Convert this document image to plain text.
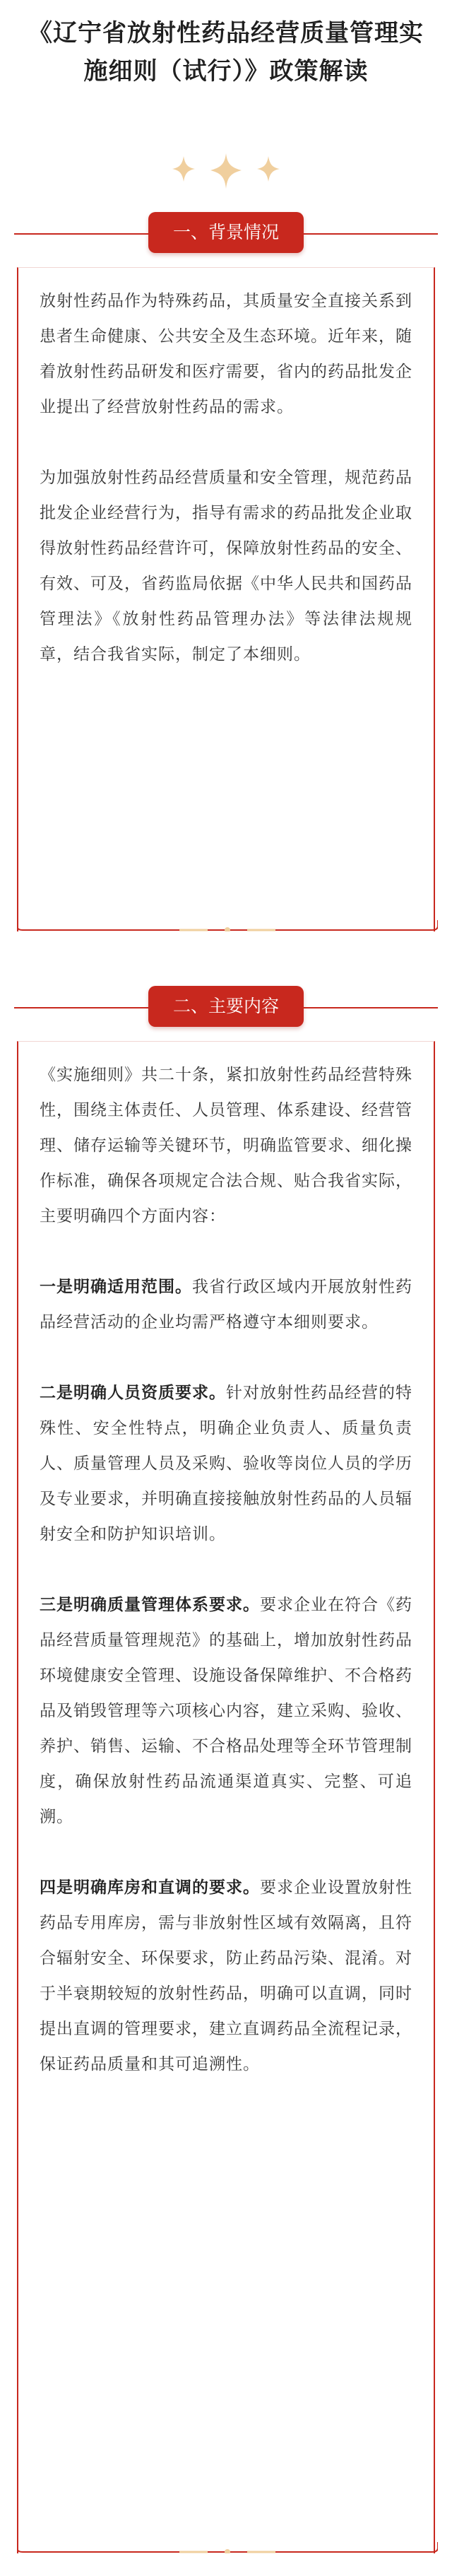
《辽宁省放射性药品经营质量管理实施细则（试行）》政策解读
一、背景情况

放射性药品作为特殊药品，其质量安全直接关系到患者生命健康、公共安全及生态环境。近年来，随着放射性药品研发和医疗需要，省内的药品批发企业提出了经营放射性药品的需求。

为加强放射性药品经营质量和安全管理，规范药品批发企业经营行为，指导有需求的药品批发企业取得放射性药品经营许可，保障放射性药品的安全、有效、可及，省药监局依据《中华人民共和国药品管理法》《放射性药品管理办法》等法律法规规章，结合我省实际，制定了本细则。

二、主要内容

《实施细则》共二十条，紧扣放射性药品经营特殊性，围绕主体责任、人员管理、体系建设、经营管理、储存运输等关键环节，明确监管要求、细化操作标准，确保各项规定合法合规、贴合我省实际，主要明确四个方面内容：

一是明确适用范围。我省行政区域内开展放射性药品经营活动的企业均需严格遵守本细则要求。

二是明确人员资质要求。针对放射性药品经营的特殊性、安全性特点，明确企业负责人、质量负责人、质量管理人员及采购、验收等岗位人员的学历及专业要求，并明确直接接触放射性药品的人员辐射安全和防护知识培训。

三是明确质量管理体系要求。要求企业在符合《药品经营质量管理规范》的基础上，增加放射性药品环境健康安全管理、设施设备保障维护、不合格药品及销毁管理等六项核心内容，建立采购、验收、养护、销售、运输、不合格品处理等全环节管理制度，确保放射性药品流通渠道真实、完整、可追溯。

四是明确库房和直调的要求。要求企业设置放射性药品专用库房，需与非放射性区域有效隔离，且符合辐射安全、环保要求，防止药品污染、混淆。对于半衰期较短的放射性药品，明确可以直调，同时提出直调的管理要求，建立直调药品全流程记录，保证药品质量和其可追溯性。
